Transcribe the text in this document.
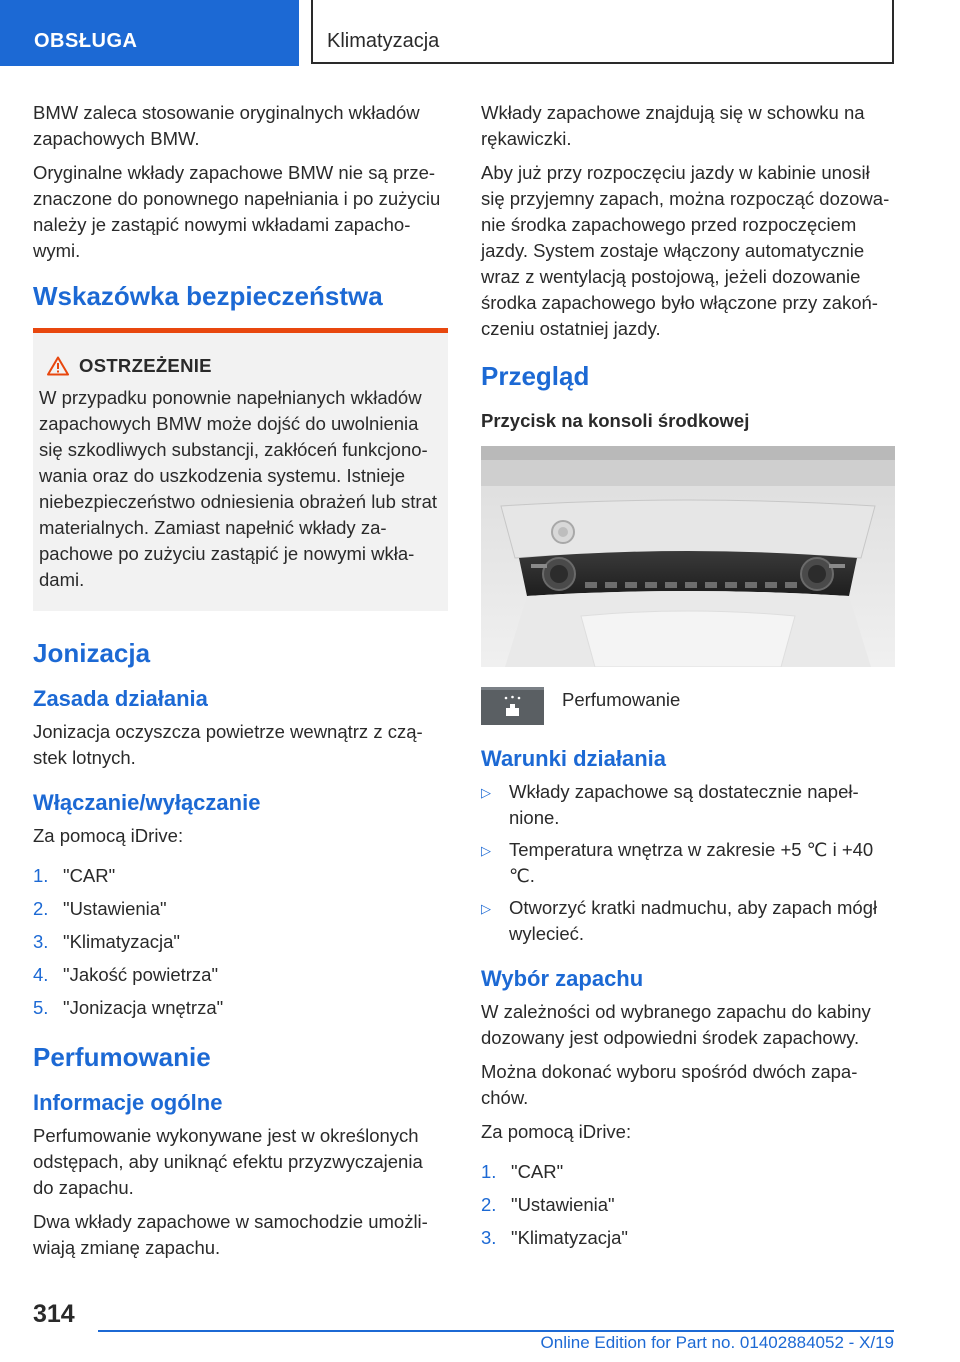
OBSŁUGA	Klimatyzacja

BMW zaleca stosowanie oryginalnych wkładów zapachowych BMW.

Oryginalne wkłady zapachowe BMW nie są przeznaczone do ponownego napełniania i po zużyciu należy je zastąpić nowymi wkładami zapachowymi.

Wskazówka bezpieczeństwa
OSTRZEŻENIE

W przypadku ponownie napełnianych wkładów zapachowych BMW może dojść do uwolnienia się szkodliwych substancji, zakłóceń funkcjonowania oraz do uszkodzenia systemu. Istnieje niebezpieczeństwo odniesienia obrażeń lub strat materialnych. Zamiast napełnić wkłady zapachowe po zużyciu zastąpić je nowymi wkładami.

Jonizacja
Zasada działania

Jonizacja oczyszcza powietrze wewnątrz z cząstek lotnych.

Włączanie/wyłączanie

Za pomocą iDrive:

1. "CAR"
2. "Ustawienia"
3. "Klimatyzacja"
4. "Jakość powietrza"
5. "Jonizacja wnętrza"
Perfumowanie
Informacje ogólne

Perfumowanie wykonywane jest w określonych odstępach, aby uniknąć efektu przyzwyczajenia do zapachu.

Dwa wkłady zapachowe w samochodzie umożliwiają zmianę zapachu.

Wkłady zapachowe znajdują się w schowku na rękawiczki.

Aby już przy rozpoczęciu jazdy w kabinie unosił się przyjemny zapach, można rozpocząć dozowanie środka zapachowego przed rozpoczęciem jazdy. System zostaje włączony automatycznie wraz z wentylacją postojową, jeżeli dozowanie środka zapachowego było włączone przy zakończeniu ostatniej jazdy.

Przegląd
Przycisk na konsoli środkowej

Perfumowanie

Warunki działania
▷ Wkłady zapachowe są dostatecznie napełnione.
▷ Temperatura wnętrza w zakresie +5 ℃ i +40 ℃.
▷ Otworzyć kratki nadmuchu, aby zapach mógł wylecieć.
Wybór zapachu

W zależności od wybranego zapachu do kabiny dozowany jest odpowiedni środek zapachowy.

Można dokonać wyboru spośród dwóch zapachów.

Za pomocą iDrive:

1. "CAR"
2. "Ustawienia"
3. "Klimatyzacja"
314
Online Edition for Part no. 01402884052 - X/19
